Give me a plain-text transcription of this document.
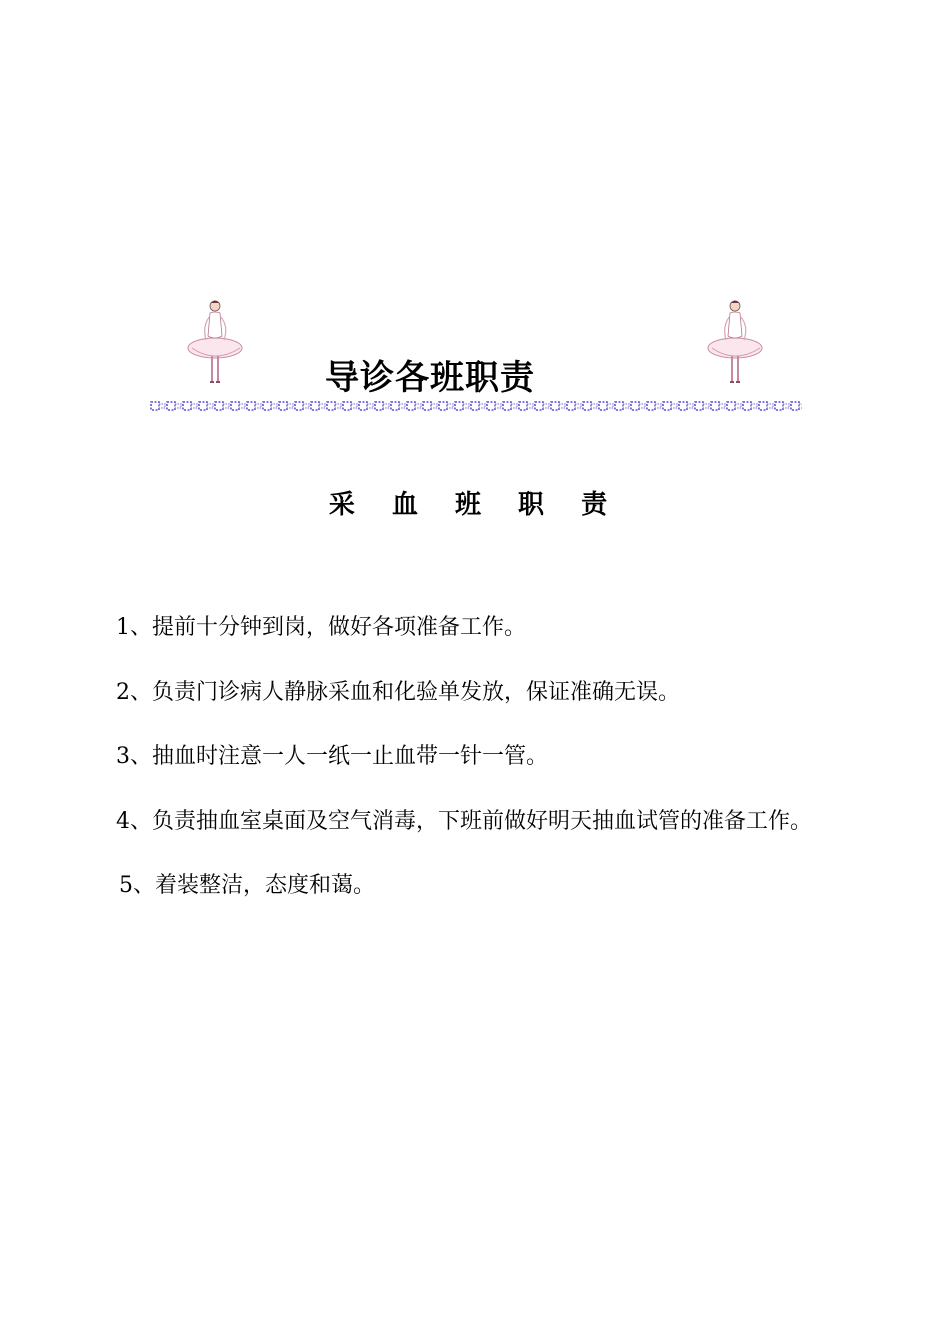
导诊各班职责
采 血 班 职 责
1、提前十分钟到岗，做好各项准备工作。
2、负责门诊病人静脉采血和化验单发放，保证准确无误。
3、抽血时注意一人一纸一止血带一针一管。
4、负责抽血室桌面及空气消毒，下班前做好明天抽血试管的准备工作。
5、着装整洁，态度和蔼。
